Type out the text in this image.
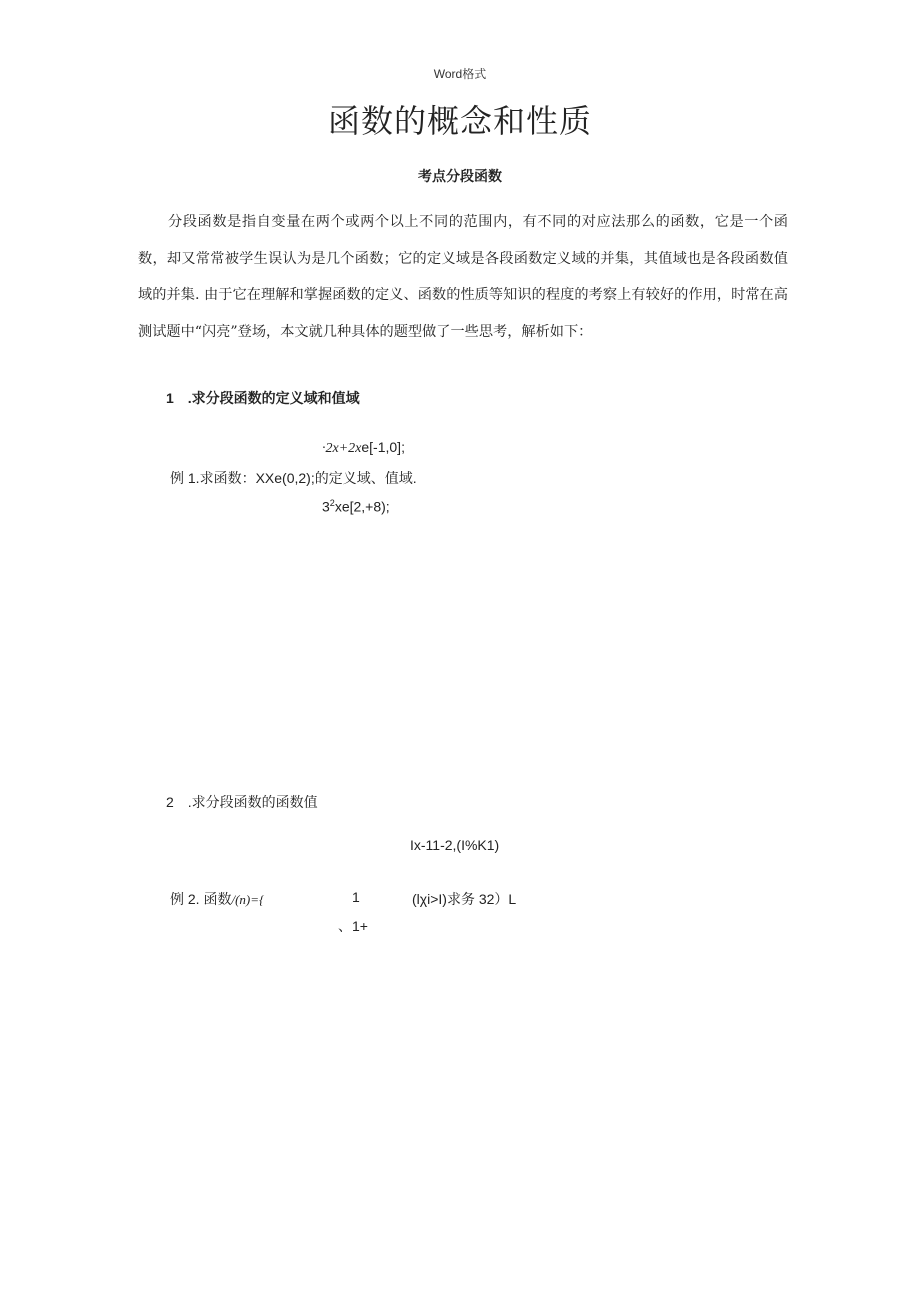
Word格式
函数的概念和性质
考点分段函数
分段函数是指自变量在两个或两个以上不同的范围内，有不同的对应法那么的函数，它是一个函数，却又常常被学生误认为是几个函数；它的定义域是各段函数定义域的并集，其值域也是各段函数值域的并集. 由于它在理解和掌握函数的定义、函数的性质等知识的程度的考察上有较好的作用，时常在高测试题中“闪亮”登场，本文就几种具体的题型做了一些思考，解析如下：
1　.求分段函数的定义域和值域
·2x+2xe[-1,0];
例 1.求函数：XXe(0,2);的定义域、值域.
$3^2xe[2,+8)$;
2　.求分段函数的函数值
Ix-11-2,(I%K1)
例 2. 函数/(n)={	1	(lχi>I)求务 32）L
、1+
